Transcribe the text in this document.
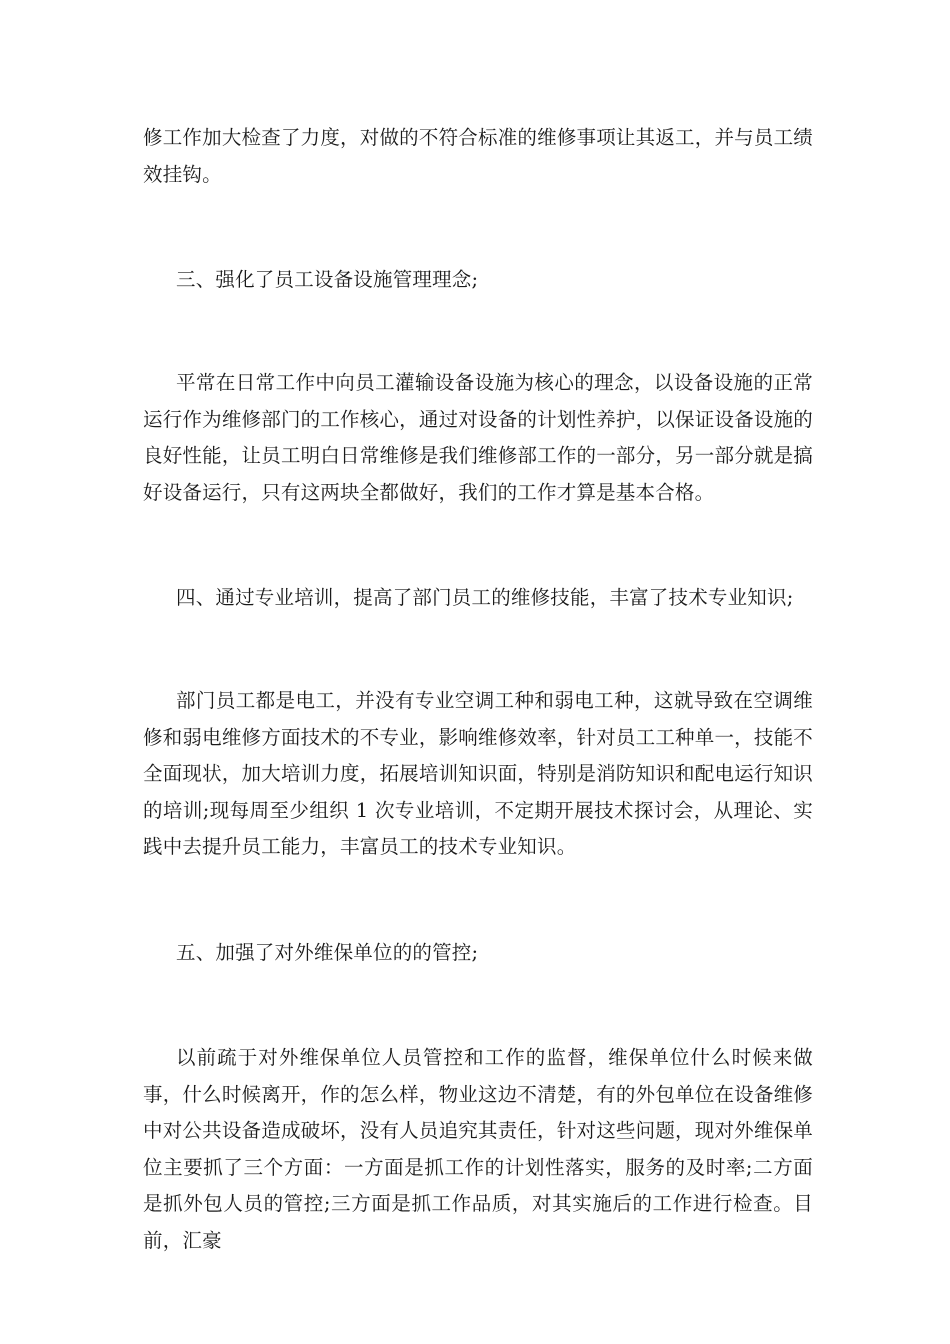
修工作加大检查了力度，对做的不符合标准的维修事项让其返工，并与员工绩效挂钩。

三、强化了员工设备设施管理理念;

平常在日常工作中向员工灌输设备设施为核心的理念，以设备设施的正常运行作为维修部门的工作核心，通过对设备的计划性养护，以保证设备设施的良好性能，让员工明白日常维修是我们维修部工作的一部分，另一部分就是搞好设备运行，只有这两块全都做好，我们的工作才算是基本合格。

四、通过专业培训，提高了部门员工的维修技能，丰富了技术专业知识;

部门员工都是电工，并没有专业空调工种和弱电工种，这就导致在空调维修和弱电维修方面技术的不专业，影响维修效率，针对员工工种单一，技能不全面现状，加大培训力度，拓展培训知识面，特别是消防知识和配电运行知识的培训;现每周至少组织 1 次专业培训，不定期开展技术探讨会，从理论、实践中去提升员工能力，丰富员工的技术专业知识。

五、加强了对外维保单位的的管控;

以前疏于对外维保单位人员管控和工作的监督，维保单位什么时候来做事，什么时候离开，作的怎么样，物业这边不清楚，有的外包单位在设备维修中对公共设备造成破坏，没有人员追究其责任，针对这些问题，现对外维保单位主要抓了三个方面：一方面是抓工作的计划性落实，服务的及时率;二方面是抓外包人员的管控;三方面是抓工作品质，对其实施后的工作进行检查。目前，汇豪
